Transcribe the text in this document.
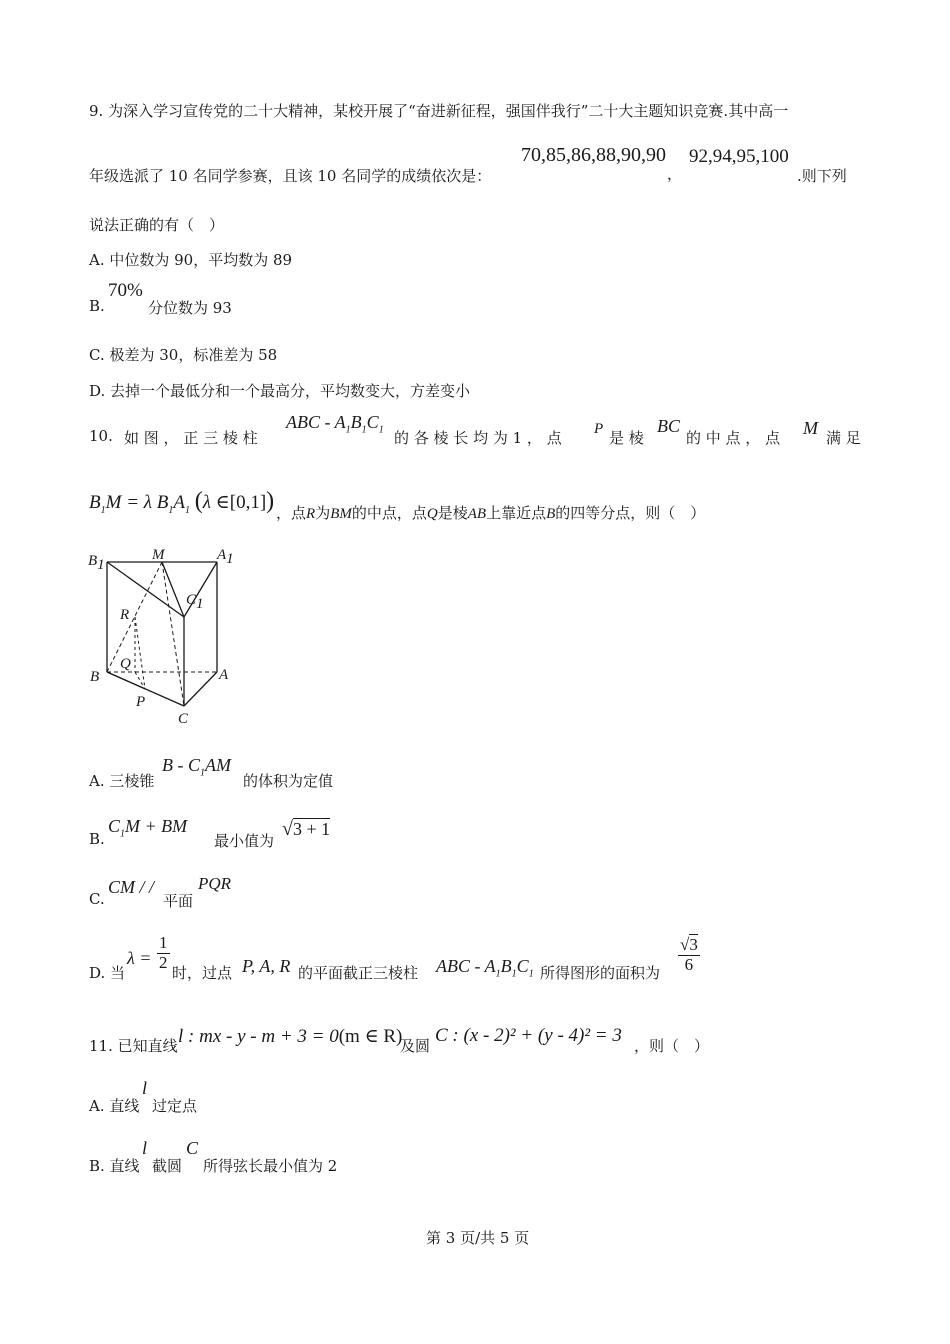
9. 为深入学习宣传党的二十大精神，某校开展了“奋进新征程，强国伴我行”二十大主题知识竞赛.其中高一
年级选派了 10 名同学参赛，且该 10 名同学的成绩依次是：
70,85,86,88,90,90
，
92,94,95,100
.则下列
说法正确的有（　）
A. 中位数为 90，平均数为 89
B.
70%
分位数为 93
C. 极差为 30，标准差为 58
D. 去掉一个最低分和一个最高分，平均数变大，方差变小
10. 如 图 ， 正 三 棱 柱
ABC - $A_1B_1C_1$ 的 各 棱 长 均 为 1 ， 点 P 是 棱
BC
的 中 点 ， 点 M 满 足
$B_1M = \lambda$ $B_1A_1$ (λ ∈[0,1]) ，点R为BM的中点，点Q是棱AB上靠近点B的四等分点，则（　）
B1
M	A1
C1
R
Q
B	A
P
C
A. 三棱锥
B - $C_1AM$
的体积为定值
B.
$C_1M$ + BM
最小值为
√3 + 1
C.
CM / /
平面
PQR
D. 当
$\lambda = \frac{1}{2}$
时，过点 P, A, R 的平面截正三棱柱 ABC - $A_1B_1C_1$ 所得图形的面积为 $\frac{√3}{6}$
11. 已知直线 l : mx - y - m + 3 = 0(m ∈ R)
及圆 C : (x - 2)² + (y - 4)² = 3 ，则（　）
A. 直线
l
过定点
B. 直线
l
截圆
C
所得弦长最小值为 2
第 3 页/共 5 页
